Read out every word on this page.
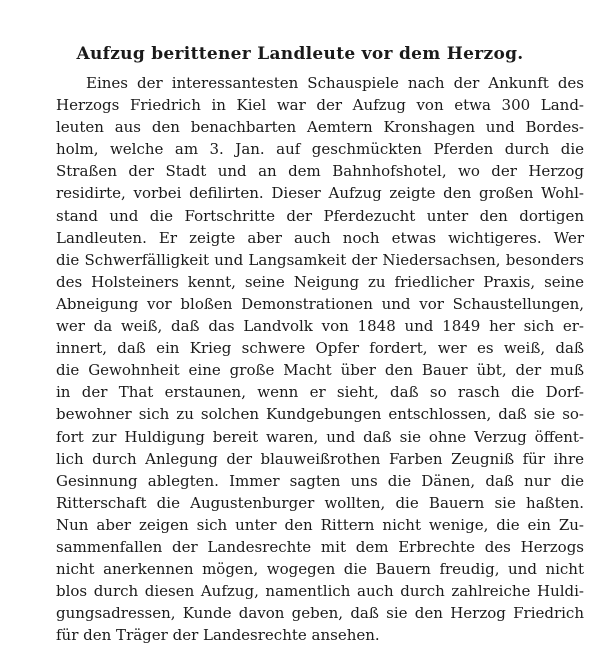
Aufzug berittener Landleute vor dem Herzog.
Eines der interessantesten Schauspiele nach der Ankunft des
Herzogs Friedrich in Kiel war der Aufzug von etwa 300 Land-
leuten aus den benachbarten Aemtern Kronshagen und Bordes-
holm, welche am 3. Jan. auf geschmückten Pferden durch die
Straßen der Stadt und an dem Bahnhofshotel, wo der Herzog
residirte, vorbei defilirten. Dieser Aufzug zeigte den großen Wohl-
stand und die Fortschritte der Pferdezucht unter den dortigen
Landleuten. Er zeigte aber auch noch etwas wichtigeres. Wer
die Schwerfälligkeit und Langsamkeit der Niedersachsen, besonders
des Holsteiners kennt, seine Neigung zu friedlicher Praxis, seine
Abneigung vor bloßen Demonstrationen und vor Schaustellungen,
wer da weiß, daß das Landvolk von 1848 und 1849 her sich er-
innert, daß ein Krieg schwere Opfer fordert, wer es weiß, daß
die Gewohnheit eine große Macht über den Bauer übt, der muß
in der That erstaunen, wenn er sieht, daß so rasch die Dorf-
bewohner sich zu solchen Kundgebungen entschlossen, daß sie so-
fort zur Huldigung bereit waren, und daß sie ohne Verzug öffent-
lich durch Anlegung der blauweißrothen Farben Zeugniß für ihre
Gesinnung ablegten. Immer sagten uns die Dänen, daß nur die
Ritterschaft die Augustenburger wollten, die Bauern sie haßten.
Nun aber zeigen sich unter den Rittern nicht wenige, die ein Zu-
sammenfallen der Landesrechte mit dem Erbrechte des Herzogs
nicht anerkennen mögen, wogegen die Bauern freudig, und nicht
blos durch diesen Aufzug, namentlich auch durch zahlreiche Huldi-
gungsadressen, Kunde davon geben, daß sie den Herzog Friedrich
für den Träger der Landesrechte ansehen.
